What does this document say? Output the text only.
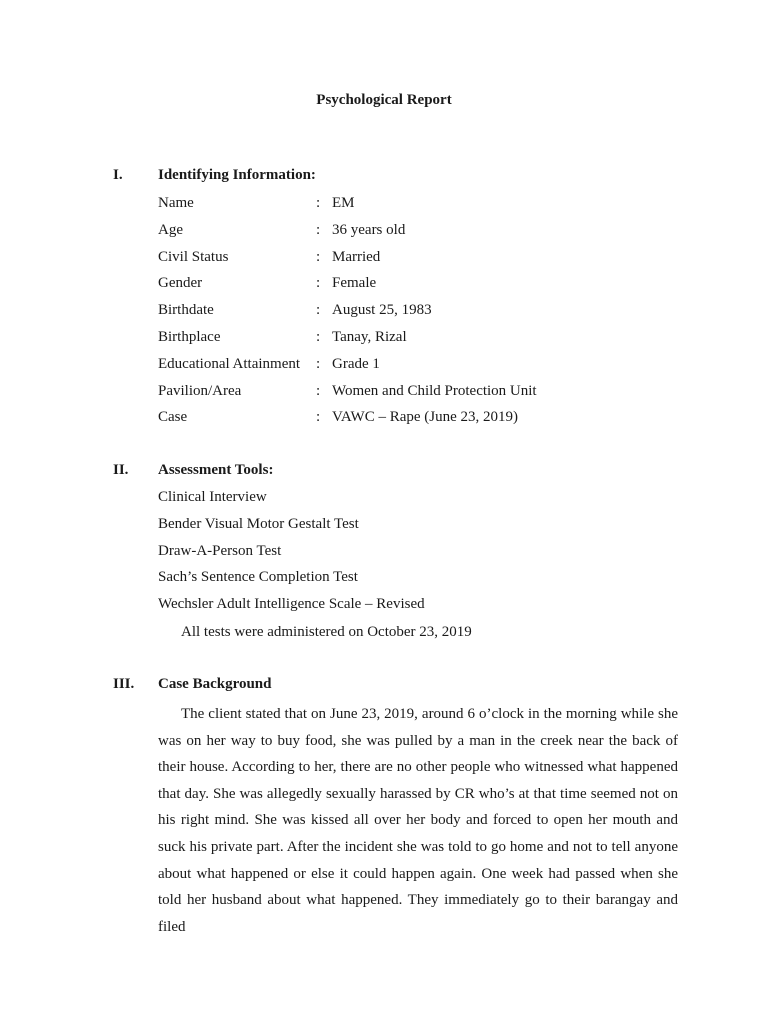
Psychological Report
I.	Identifying Information:
Name	: EM
Age	: 36 years old
Civil Status	: Married
Gender	: Female
Birthdate	: August 25, 1983
Birthplace	: Tanay, Rizal
Educational Attainment	: Grade 1
Pavilion/Area	: Women and Child Protection Unit
Case	: VAWC – Rape (June 23, 2019)
II.	Assessment Tools:
Clinical Interview
Bender Visual Motor Gestalt Test
Draw-A-Person Test
Sach’s Sentence Completion Test
Wechsler Adult Intelligence Scale – Revised
All tests were administered on October 23, 2019
III.	Case Background
The client stated that on June 23, 2019, around 6 o’clock in the morning while she was on her way to buy food, she was pulled by a man in the creek near the back of their house. According to her, there are no other people who witnessed what happened that day. She was allegedly sexually harassed by CR who’s at that time seemed not on his right mind. She was kissed all over her body and forced to open her mouth and suck his private part. After the incident she was told to go home and not to tell anyone about what happened or else it could happen again. One week had passed when she told her husband about what happened. They immediately go to their barangay and filed
